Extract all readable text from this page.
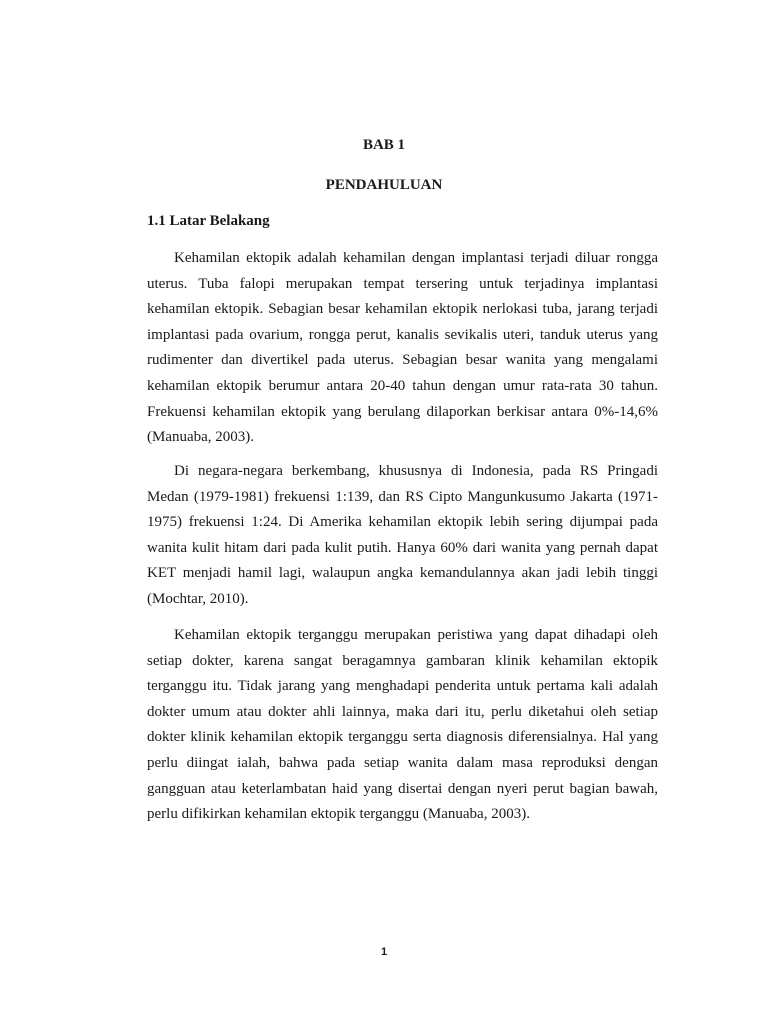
BAB 1
PENDAHULUAN
1.1 Latar Belakang

Kehamilan ektopik adalah kehamilan dengan implantasi terjadi diluar rongga uterus. Tuba falopi merupakan tempat tersering untuk terjadinya implantasi kehamilan ektopik. Sebagian besar kehamilan ektopik nerlokasi tuba, jarang terjadi implantasi pada ovarium, rongga perut, kanalis sevikalis uteri, tanduk uterus yang rudimenter dan divertikel pada uterus. Sebagian besar wanita yang mengalami kehamilan ektopik berumur antara 20-40 tahun dengan umur rata-rata 30 tahun. Frekuensi kehamilan ektopik yang berulang dilaporkan berkisar antara 0%-14,6% (Manuaba, 2003).

Di negara-negara berkembang, khususnya di Indonesia, pada RS Pringadi Medan (1979-1981) frekuensi 1:139, dan RS Cipto Mangunkusumo Jakarta (1971-1975) frekuensi 1:24. Di Amerika kehamilan ektopik lebih sering dijumpai pada wanita kulit hitam dari pada kulit putih. Hanya 60% dari wanita yang pernah dapat KET menjadi hamil lagi, walaupun angka kemandulannya akan jadi lebih tinggi (Mochtar, 2010).

Kehamilan ektopik terganggu merupakan peristiwa yang dapat dihadapi oleh setiap dokter, karena sangat beragamnya gambaran klinik kehamilan ektopik terganggu itu. Tidak jarang yang menghadapi penderita untuk pertama kali adalah dokter umum atau dokter ahli lainnya, maka dari itu, perlu diketahui oleh setiap dokter klinik kehamilan ektopik terganggu serta diagnosis diferensialnya. Hal yang perlu diingat ialah, bahwa pada setiap wanita dalam masa reproduksi dengan gangguan atau keterlambatan haid yang disertai dengan nyeri perut bagian bawah, perlu difikirkan kehamilan ektopik terganggu (Manuaba, 2003).

1
